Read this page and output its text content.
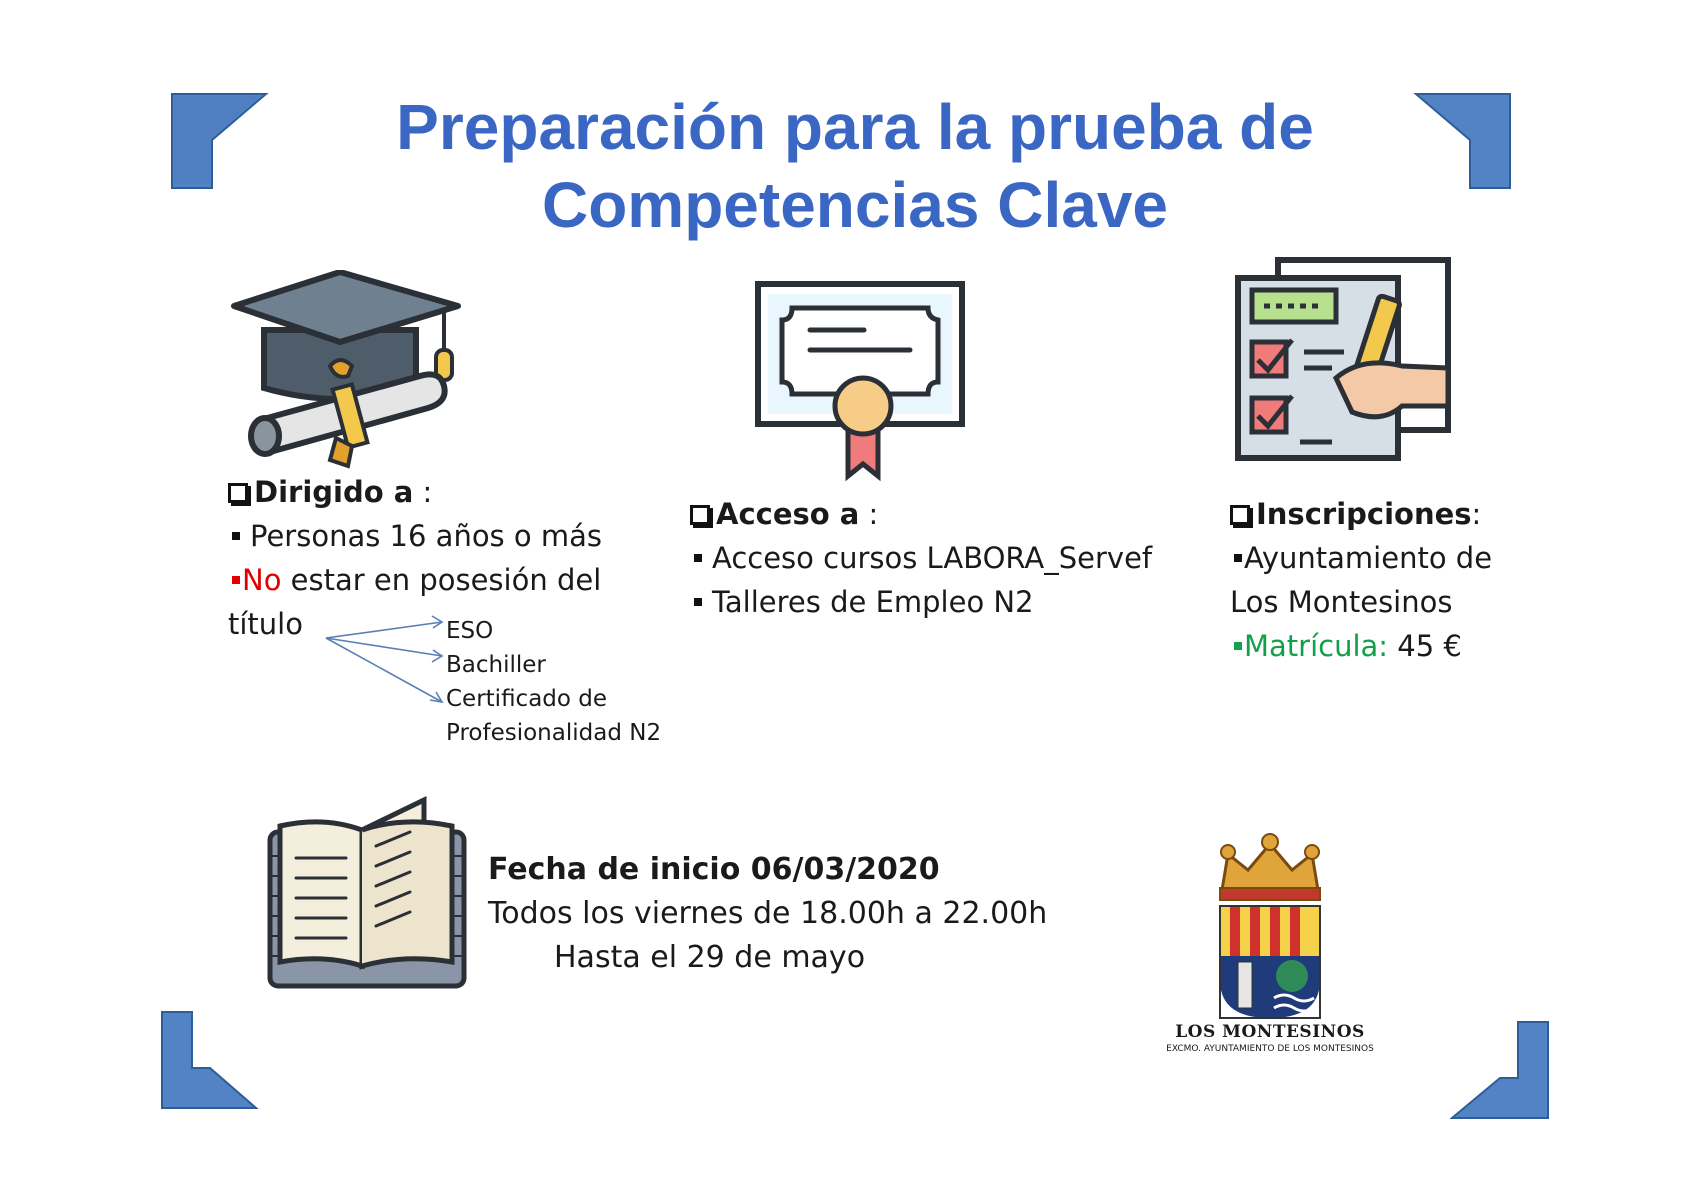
Preparación para la prueba de
Competencias Clave
Dirigido a :
Personas 16 años o más
No estar en posesión del
título	ESO
Bachiller
Certificado de
Profesionalidad N2
Acceso a :
Acceso cursos LABORA_Servef
Talleres de Empleo N2
Inscripciones:
Ayuntamiento de
Los Montesinos
Matrícula: 45 €
Fecha de inicio 06/03/2020
Todos los viernes de 18.00h a 22.00h
Hasta el 29 de mayo
LOS MONTESINOS
EXCMO. AYUNTAMIENTO DE LOS MONTESINOS
